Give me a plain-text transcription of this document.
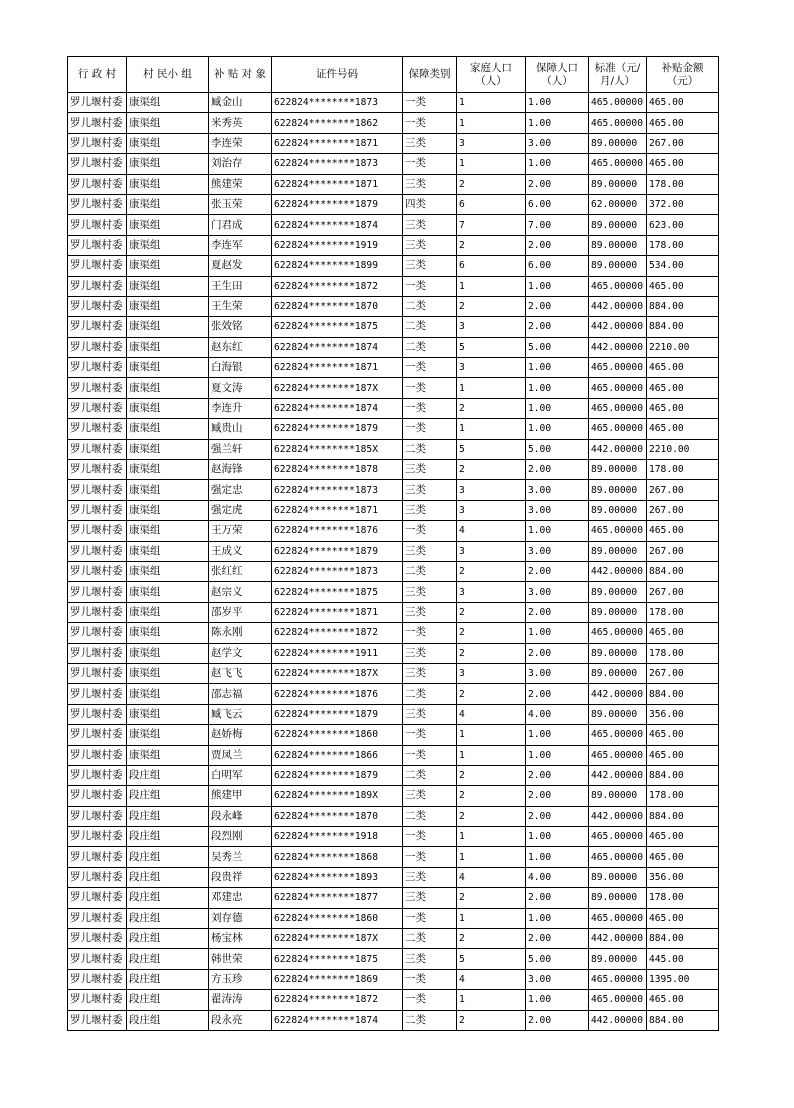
行 政 村	村 民小 组	补 贴 对 象	证件号码	保障类别	家庭人口（人）	保障人口（人）	标准（元/月/人）	补贴金额（元）
罗儿堰村委	康渠组	臧金山	622824********1873	一类	1	1.00	465.00000	465.00
罗儿堰村委	康渠组	米秀英	622824********1862	一类	1	1.00	465.00000	465.00
罗儿堰村委	康渠组	李连荣	622824********1871	三类	3	3.00	89.00000	267.00
罗儿堰村委	康渠组	刘治存	622824********1873	一类	1	1.00	465.00000	465.00
罗儿堰村委	康渠组	熊建荣	622824********1871	三类	2	2.00	89.00000	178.00
罗儿堰村委	康渠组	张玉荣	622824********1879	四类	6	6.00	62.00000	372.00
罗儿堰村委	康渠组	门君成	622824********1874	三类	7	7.00	89.00000	623.00
罗儿堰村委	康渠组	李连军	622824********1919	三类	2	2.00	89.00000	178.00
罗儿堰村委	康渠组	夏赵发	622824********1899	三类	6	6.00	89.00000	534.00
罗儿堰村委	康渠组	王生田	622824********1872	一类	1	1.00	465.00000	465.00
罗儿堰村委	康渠组	王生荣	622824********1870	二类	2	2.00	442.00000	884.00
罗儿堰村委	康渠组	张效铭	622824********1875	二类	3	2.00	442.00000	884.00
罗儿堰村委	康渠组	赵东红	622824********1874	二类	5	5.00	442.00000	2210.00
罗儿堰村委	康渠组	白海银	622824********1871	一类	3	1.00	465.00000	465.00
罗儿堰村委	康渠组	夏文涛	622824********187X	一类	1	1.00	465.00000	465.00
罗儿堰村委	康渠组	李连升	622824********1874	一类	2	1.00	465.00000	465.00
罗儿堰村委	康渠组	臧贵山	622824********1879	一类	1	1.00	465.00000	465.00
罗儿堰村委	康渠组	强兰轩	622824********185X	二类	5	5.00	442.00000	2210.00
罗儿堰村委	康渠组	赵海锋	622824********1878	三类	2	2.00	89.00000	178.00
罗儿堰村委	康渠组	强定忠	622824********1873	三类	3	3.00	89.00000	267.00
罗儿堰村委	康渠组	强定虎	622824********1871	三类	3	3.00	89.00000	267.00
罗儿堰村委	康渠组	王万荣	622824********1876	一类	4	1.00	465.00000	465.00
罗儿堰村委	康渠组	王成义	622824********1879	三类	3	3.00	89.00000	267.00
罗儿堰村委	康渠组	张红红	622824********1873	二类	2	2.00	442.00000	884.00
罗儿堰村委	康渠组	赵宗义	622824********1875	三类	3	3.00	89.00000	267.00
罗儿堰村委	康渠组	邵岁平	622824********1871	三类	2	2.00	89.00000	178.00
罗儿堰村委	康渠组	陈永刚	622824********1872	一类	2	1.00	465.00000	465.00
罗儿堰村委	康渠组	赵学文	622824********1911	三类	2	2.00	89.00000	178.00
罗儿堰村委	康渠组	赵飞飞	622824********187X	三类	3	3.00	89.00000	267.00
罗儿堰村委	康渠组	邵志福	622824********1876	二类	2	2.00	442.00000	884.00
罗儿堰村委	康渠组	臧飞云	622824********1879	三类	4	4.00	89.00000	356.00
罗儿堰村委	康渠组	赵娇梅	622824********1860	一类	1	1.00	465.00000	465.00
罗儿堰村委	康渠组	贾凤兰	622824********1866	一类	1	1.00	465.00000	465.00
罗儿堰村委	段庄组	白明军	622824********1879	二类	2	2.00	442.00000	884.00
罗儿堰村委	段庄组	熊建甲	622824********189X	三类	2	2.00	89.00000	178.00
罗儿堰村委	段庄组	段永峰	622824********1870	二类	2	2.00	442.00000	884.00
罗儿堰村委	段庄组	段烈刚	622824********1918	一类	1	1.00	465.00000	465.00
罗儿堰村委	段庄组	吴秀兰	622824********1868	一类	1	1.00	465.00000	465.00
罗儿堰村委	段庄组	段贵祥	622824********1893	三类	4	4.00	89.00000	356.00
罗儿堰村委	段庄组	邓建忠	622824********1877	三类	2	2.00	89.00000	178.00
罗儿堰村委	段庄组	刘存德	622824********1860	一类	1	1.00	465.00000	465.00
罗儿堰村委	段庄组	杨宝林	622824********187X	二类	2	2.00	442.00000	884.00
罗儿堰村委	段庄组	韩世荣	622824********1875	三类	5	5.00	89.00000	445.00
罗儿堰村委	段庄组	方玉珍	622824********1869	一类	4	3.00	465.00000	1395.00
罗儿堰村委	段庄组	翟涛涛	622824********1872	一类	1	1.00	465.00000	465.00
罗儿堰村委	段庄组	段永亮	622824********1874	二类	2	2.00	442.00000	884.00
